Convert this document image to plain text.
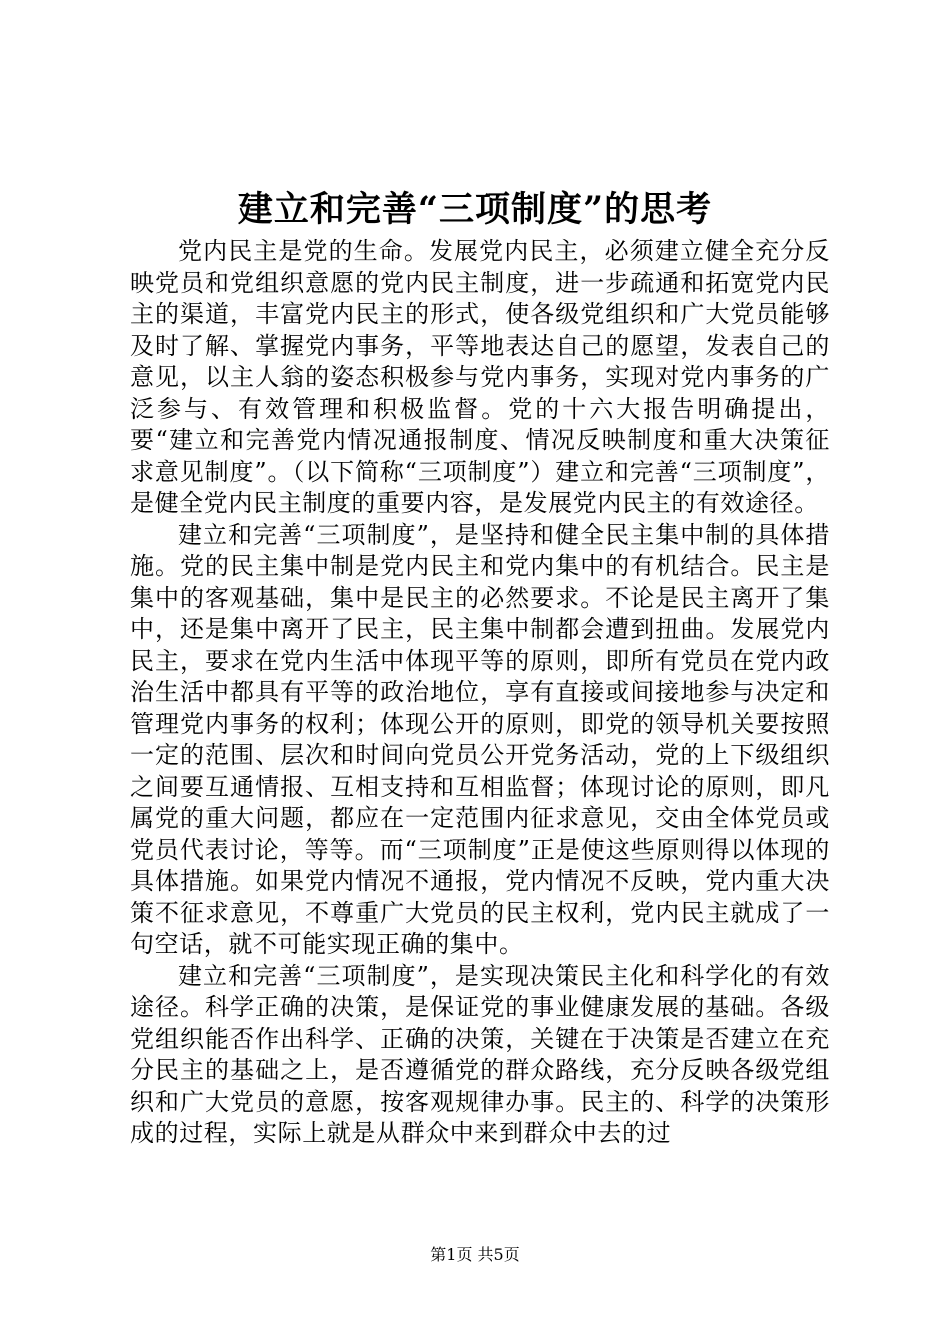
建立和完善“三项制度”的思考

党内民主是党的生命。发展党内民主，必须建立健全充分反映党员和党组织意愿的党内民主制度，进一步疏通和拓宽党内民主的渠道，丰富党内民主的形式，使各级党组织和广大党员能够及时了解、掌握党内事务，平等地表达自己的愿望，发表自己的意见，以主人翁的姿态积极参与党内事务，实现对党内事务的广泛参与、有效管理和积极监督。党的十六大报告明确提出，要“建立和完善党内情况通报制度、情况反映制度和重大决策征求意见制度”。（以下简称“三项制度”）建立和完善“三项制度”，是健全党内民主制度的重要内容，是发展党内民主的有效途径。

建立和完善“三项制度”，是坚持和健全民主集中制的具体措施。党的民主集中制是党内民主和党内集中的有机结合。民主是集中的客观基础，集中是民主的必然要求。不论是民主离开了集中，还是集中离开了民主，民主集中制都会遭到扭曲。发展党内民主，要求在党内生活中体现平等的原则，即所有党员在党内政治生活中都具有平等的政治地位，享有直接或间接地参与决定和管理党内事务的权利；体现公开的原则，即党的领导机关要按照一定的范围、层次和时间向党员公开党务活动，党的上下级组织之间要互通情报、互相支持和互相监督；体现讨论的原则，即凡属党的重大问题，都应在一定范围内征求意见，交由全体党员或党员代表讨论，等等。而“三项制度”正是使这些原则得以体现的具体措施。如果党内情况不通报，党内情况不反映，党内重大决策不征求意见，不尊重广大党员的民主权利，党内民主就成了一句空话，就不可能实现正确的集中。

建立和完善“三项制度”，是实现决策民主化和科学化的有效途径。科学正确的决策，是保证党的事业健康发展的基础。各级党组织能否作出科学、正确的决策，关键在于决策是否建立在充分民主的基础之上，是否遵循党的群众路线，充分反映各级党组织和广大党员的意愿，按客观规律办事。民主的、科学的决策形成的过程，实际上就是从群众中来到群众中去的过

第1页 共5页
